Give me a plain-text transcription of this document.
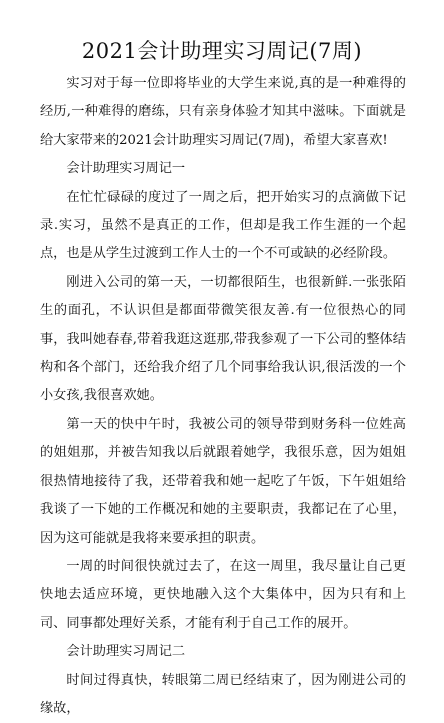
2021会计助理实习周记(7周)

实习对于每一位即将毕业的大学生来说,真的是一种难得的经历,一种难得的磨练，只有亲身体验才知其中滋味。下面就是给大家带来的2021会计助理实习周记(7周)，希望大家喜欢!

会计助理实习周记一

在忙忙碌碌的度过了一周之后，把开始实习的点滴做下记录.实习，虽然不是真正的工作，但却是我工作生涯的一个起点，也是从学生过渡到工作人士的一个不可或缺的必经阶段。

刚进入公司的第一天，一切都很陌生，也很新鲜.一张张陌生的面孔，不认识但是都面带微笑很友善.有一位很热心的同事，我叫她春春,带着我逛这逛那,带我参观了一下公司的整体结构和各个部门，还给我介绍了几个同事给我认识,很活泼的一个小女孩,我很喜欢她。

第一天的快中午时，我被公司的领导带到财务科一位姓高的姐姐那，并被告知我以后就跟着她学，我很乐意，因为姐姐很热情地接待了我，还带着我和她一起吃了午饭，下午姐姐给我谈了一下她的工作概况和她的主要职责，我都记在了心里，因为这可能就是我将来要承担的职责。

一周的时间很快就过去了，在这一周里，我尽量让自己更快地去适应环境，更快地融入这个大集体中，因为只有和上司、同事都处理好关系，才能有利于自己工作的展开。

会计助理实习周记二

时间过得真快，转眼第二周已经结束了，因为刚进公司的缘故，
